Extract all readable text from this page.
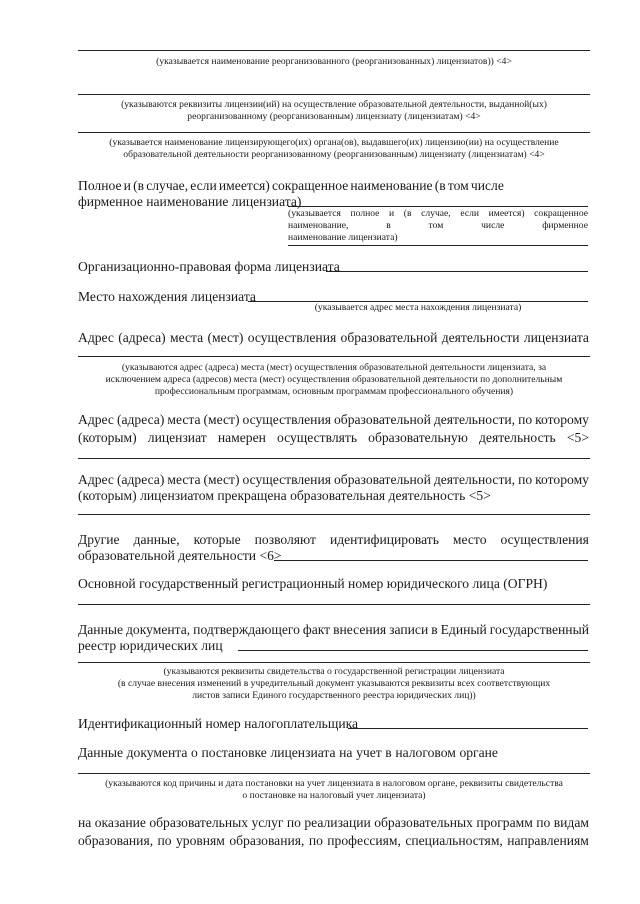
(указывается наименование реорганизованного (реорганизованных) лицензиатов)) <4>
(указываются реквизиты лицензии(ий) на осуществление образовательной деятельности, выданной(ых)
реорганизованному (реорганизованным) лицензиату (лицензиатам) <4>
(указывается наименование лицензирующего(их) органа(ов), выдавшего(их) лицензию(ии) на осуществление
образовательной деятельности реорганизованному (реорганизованным) лицензиату (лицензиатам) <4>
Полное и (в случае, если имеется) сокращенное наименование (в том числе
фирменное наименование лицензиата)
(указывается полное и (в случае, если имеется) сокращенное
наименование,	в	том	числе	фирменное
наименование лицензиата)
Организационно-правовая форма лицензиата
Место нахождения лицензиата
(указывается адрес места нахождения лицензиата)
Адрес (адреса) места (мест) осуществления образовательной деятельности лицензиата
(указываются адрес (адреса) места (мест) осуществления образовательной деятельности лицензиата, за
исключением адреса (адресов) места (мест) осуществления образовательной деятельности по дополнительным
профессиональным программам, основным программам профессионального обучения)
Адрес (адреса) места (мест) осуществления образовательной деятельности, по которому
(которым) лицензиат намерен осуществлять образовательную деятельность <5>
Адрес (адреса) места (мест) осуществления образовательной деятельности, по которому
(которым) лицензиатом прекращена образовательная деятельность <5>
Другие данные, которые позволяют идентифицировать место осуществления
образовательной деятельности <6>
Основной государственный регистрационный номер юридического лица (ОГРН)
Данные документа, подтверждающего факт внесения записи в Единый государственный
реестр юридических лиц
(указываются реквизиты свидетельства о государственной регистрации лицензиата
(в случае внесения изменений в учредительный документ указываются реквизиты всех соответствующих
листов записи Единого государственного реестра юридических лиц))
Идентификационный номер налогоплательщика
Данные документа о постановке лицензиата на учет в налоговом органе
(указываются код причины и дата постановки на учет лицензиата в налоговом органе, реквизиты свидетельства
о постановке на налоговый учет лицензиата)
на оказание образовательных услуг по реализации образовательных программ по видам
образования, по уровням образования, по профессиям, специальностям, направлениям
